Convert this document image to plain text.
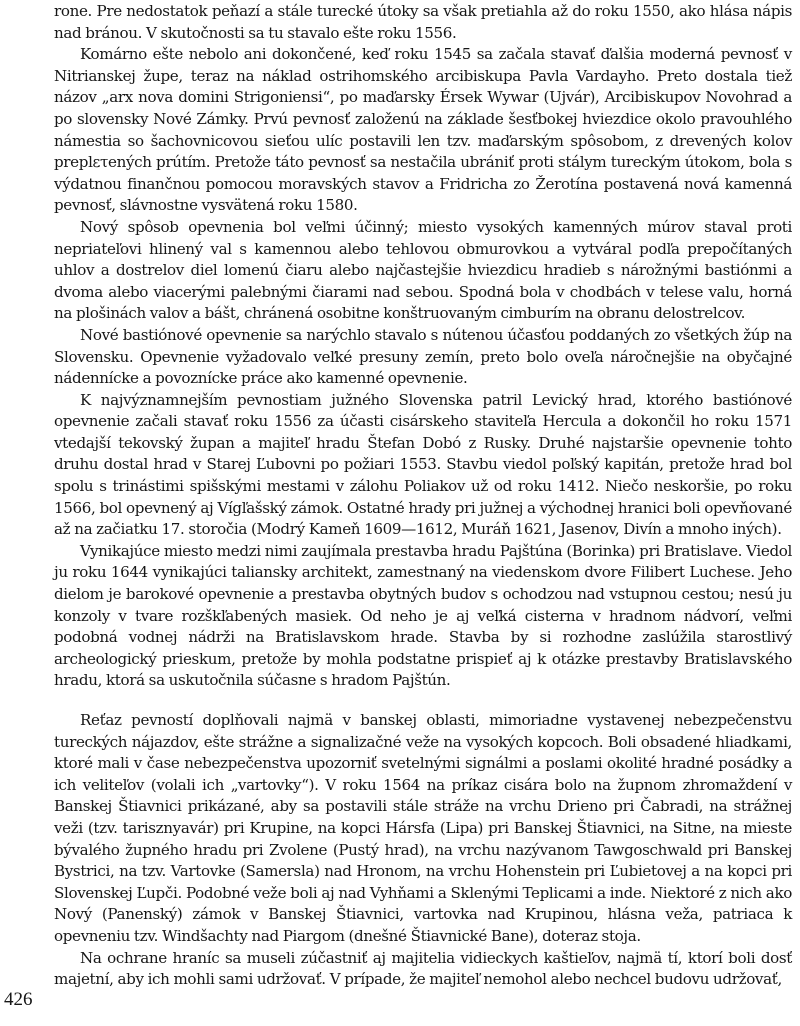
rone. Pre nedostatok peňazí a stále turecké útoky sa však pretiahla až do roku 1550, ako hlása nápis nad bránou. V skutočnosti sa tu stavalo ešte roku 1556.

Komárno ešte nebolo ani dokončené, keď roku 1545 sa začala stavať ďalšia moderná pevnosť v Nitrianskej župe, teraz na náklad ostrihomského arcibiskupa Pavla Vardayho. Preto dostala tiež názov „arx nova domini Strigoniensi“, po maďarsky Érsek Wywar (Ujvár), Arcibiskupov Novohrad a po slovensky Nové Zámky. Prvú pevnosť založenú na základe šesťbokej hviezdice okolo pravouhlého námestia so šachovnicovou sieťou ulíc postavili len tzv. maďarským spôsobom, z drevených kolov preplετených prútím. Pretože táto pevnosť sa nestačila ubrániť proti stálym tureckým útokom, bola s výdatnou finančnou pomocou moravských stavov a Fridricha zo Žerotína postavená nová kamenná pevnosť, slávnostne vysvätená roku 1580.

Nový spôsob opevnenia bol veľmi účinný; miesto vysokých kamenných múrov staval proti nepriateľovi hlinený val s kamennou alebo tehlovou obmurovkou a vytváral podľa prepočítaných uhlov a dostrelov diel lomenú čiaru alebo najčastejšie hviezdicu hradieb s nárožnými bastiónmi a dvoma alebo viacerými palebnými čiarami nad sebou. Spodná bola v chodbách v telese valu, horná na plošinách valov a bášt, chránená osobitne konštruovaným cimburím na obranu delostrelcov.

Nové bastiónové opevnenie sa narýchlo stavalo s nútenou účasťou poddaných zo všetkých žúp na Slovensku. Opevnenie vyžadovalo veľké presuny zemín, preto bolo oveľa náročnejšie na obyčajné nádennícke a povozníckе práce ako kamenné opevnenie.

K najvýznamnejším pevnostiam južného Slovenska patril Levický hrad, ktorého bastiónové opevnenie začali stavať roku 1556 za účasti cisárskeho staviteľa Hercula a dokončil ho roku 1571 vtedajší tekovský župan a majiteľ hradu Štefan Dobó z Rusky. Druhé najstaršie opevnenie tohto druhu dostal hrad v Starej Ľubovni po požiari 1553. Stavbu viedol poľský kapitán, pretože hrad bol spolu s trinástimi spišskými mestami v zálohu Poliakov už od roku 1412. Niečo neskoršie, po roku 1566, bol opevnený aj Vígľašský zámok. Ostatné hrady pri južnej a východnej hranici boli opevňované až na začiatku 17. storočia (Modrý Kameň 1609—1612, Muráň 1621, Jasenov, Divín a mnoho iných).

Vynikajúce miesto medzi nimi zaujímala prestavba hradu Pajštúna (Borinka) pri Bratislave. Viedol ju roku 1644 vynikajúci taliansky architekt, zamestnaný na viedenskom dvore Filibert Luchese. Jeho dielom je barokové opevnenie a prestavba obytných budov s ochodzou nad vstupnou cestou; nesú ju konzoly v tvare rozškľabených masiek. Od neho je aj veľká cisterna v hradnom nádvorí, veľmi podobná vodnej nádrži na Bratislavskom hrade. Stavba by si rozhodne zaslúžila starostlivý archeologický prieskum, pretože by mohla podstatne prispieť aj k otázke prestavby Bratislavského hradu, ktorá sa uskutočnila súčasne s hradom Pajštún.

Reťaz pevností doplňovali najmä v banskej oblasti, mimoriadne vystavenej nebezpečenstvu tureckých nájazdov, ešte strážne a signalizačné veže na vysokých kopcoch. Boli obsadené hliadkami, ktoré mali v čase nebezpečenstva upozorniť svetelnými signálmi a poslami okolité hradné posádky a ich veliteľov (volali ich „vartovky“). V roku 1564 na príkaz cisára bolo na župnom zhromaždení v Banskej Štiavnici prikázané, aby sa postavili stále stráže na vrchu Drieno pri Čabradi, na strážnej veži (tzv. tarisznyavár) pri Krupine, na kopci Hársfa (Lipa) pri Banskej Štiavnici, na Sitne, na mieste bývalého župného hradu pri Zvolene (Pustý hrad), na vrchu nazývanom Tawgoschwald pri Banskej Bystrici, na tzv. Vartovke (Samersla) nad Hronom, na vrchu Hohenstein pri Ľubietovej a na kopci pri Slovenskej Ľupči. Podobné veže boli aj nad Vyhňami a Sklenými Teplicami a inde. Niektoré z nich ako Nový (Panenský) zámok v Banskej Štiavnici, vartovka nad Krupinou, hlásna veža, patriaca k opevneniu tzv. Windšachty nad Piargom (dnešné Štiavnické Bane), doteraz stoja.

Na ochrane hraníc sa museli zúčastniť aj majitelia vidieckych kaštieľov, najmä tí, ktorí boli dosť majetní, aby ich mohli sami udržovať. V prípade, že majiteľ nemohol alebo nechcel budovu udržovať,

426
